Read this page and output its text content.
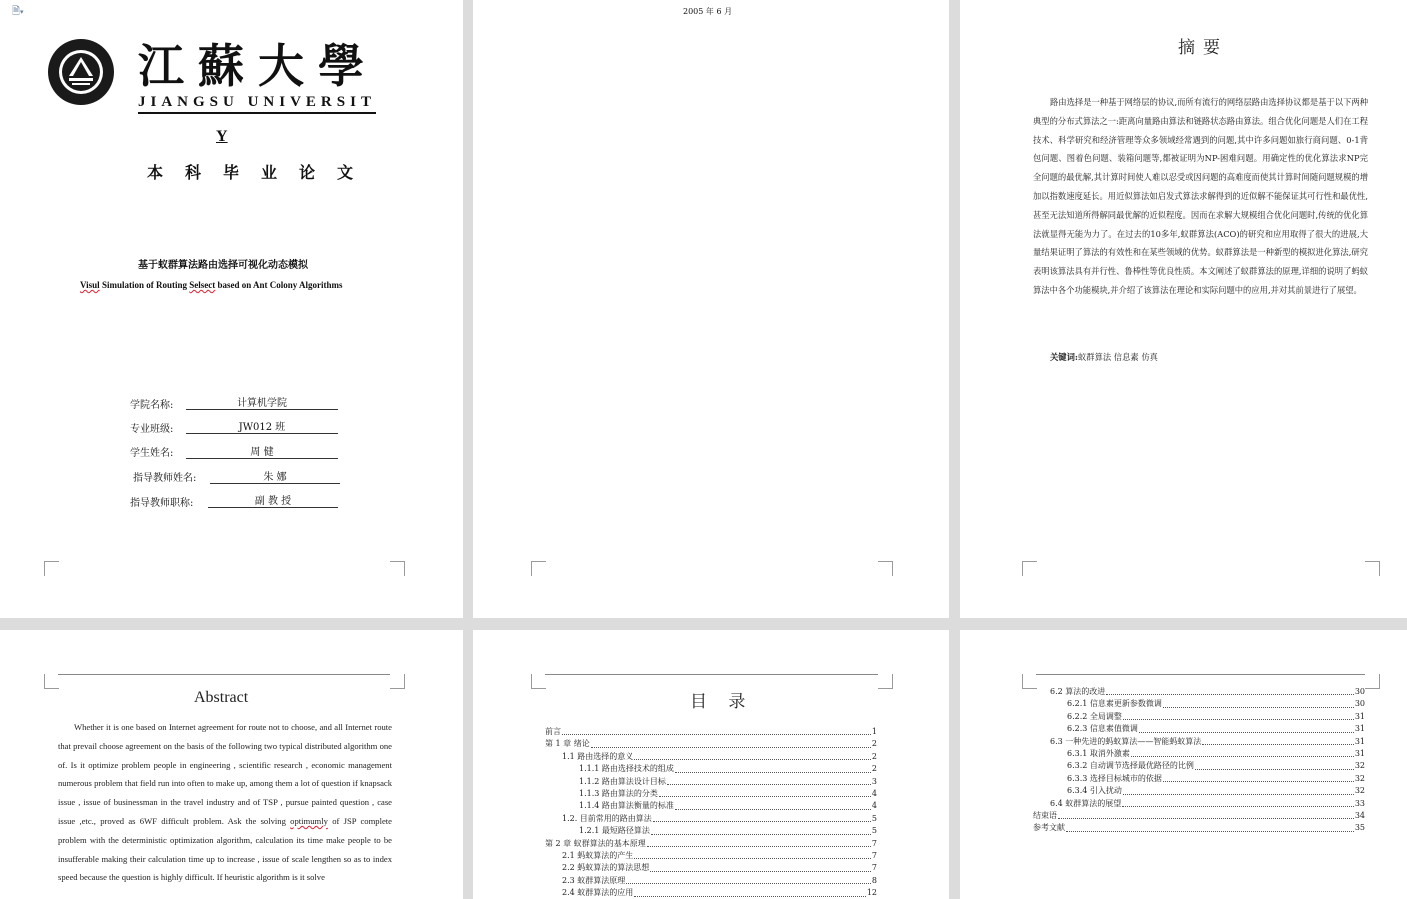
🗎▾
江蘇大學
JIANGSU UNIVERSIT
Y
本科毕业论文
基于蚁群算法路由选择可视化动态模拟
Visul Simulation of Routing Selsect based on Ant Colony Algorithms
学院名称:	计算机学院
专业班级:	JW012 班
学生姓名:	周 健
指导教师姓名:	朱 娜
指导教师职称:	副 教 授
2005 年 6 月
摘要
路由选择是一种基于网络层的协议,而所有流行的网络层路由选择协议都是基于以下两种典型的分布式算法之一:距离向量路由算法和链路状态路由算法。组合优化问题是人们在工程技术、科学研究和经济管理等众多领域经常遇到的问题,其中许多问题如旅行商问题、0-1背包问题、图着色问题、装箱问题等,都被证明为NP-困难问题。用确定性的优化算法求NP完全问题的最优解,其计算时间使人难以忍受或因问题的高难度而使其计算时间随问题规模的增加以指数速度延长。用近似算法如启发式算法求解得到的近似解不能保证其可行性和最优性,甚至无法知道所得解同最优解的近似程度。因而在求解大规模组合优化问题时,传统的优化算法就显得无能为力了。在过去的10多年,蚁群算法(ACO)的研究和应用取得了很大的进展,大量结果证明了算法的有效性和在某些领域的优势。蚁群算法是一种新型的模拟进化算法,研究表明该算法具有并行性、鲁棒性等优良性质。本文阐述了蚁群算法的原理,详细的说明了蚂蚁算法中各个功能模块,并介绍了该算法在理论和实际问题中的应用,并对其前景进行了展望。
关键词:蚁群算法 信息素 仿真
Abstract
Whether it is one based on Internet agreement for route not to choose, and all Internet route that prevail choose agreement on the basis of the following two typical distributed algorithm one of. Is it optimize problem people in engineering , scientific research , economic management numerous problem that field run into often to make up, among them a lot of question if knapsack issue , issue of businessman in the travel industry and of TSP , pursue painted question , case issue ,etc., proved as 6WF difficult problem. Ask the solving optimumly of JSP complete problem with the deterministic optimization algorithm, calculation its time make people to be insufferable making their calculation time up to increase , issue of scale lengthen so as to index speed because the question is highly difficult. If heuristic algorithm is it solve
目 录
前言	1
第 1 章 绪论	2
1.1 路由选择的意义	2
1.1.1 路由选择技术的组成	2
1.1.2 路由算法设计目标	3
1.1.3 路由算法的分类	4
1.1.4 路由算法衡量的标准	4
1.2. 目前常用的路由算法	5
1.2.1 最短路径算法	5
第 2 章 蚁群算法的基本原理	7
2.1 蚂蚁算法的产生	7
2.2 蚂蚁算法的算法思想	7
2.3 蚁群算法原理	8
2.4 蚁群算法的应用	12
6.2 算法的改进	30
6.2.1 信息素更新参数微调	30
6.2.2 全局调整	31
6.2.3 信息素值微调	31
6.3 一种先进的蚂蚁算法——智能蚂蚁算法	31
6.3.1 取消外激素	31
6.3.2 自动调节选择最优路径的比例	32
6.3.3 选择目标城市的依据	32
6.3.4 引入扰动	32
6.4 蚁群算法的展望	33
结束语	34
参考文献	35
